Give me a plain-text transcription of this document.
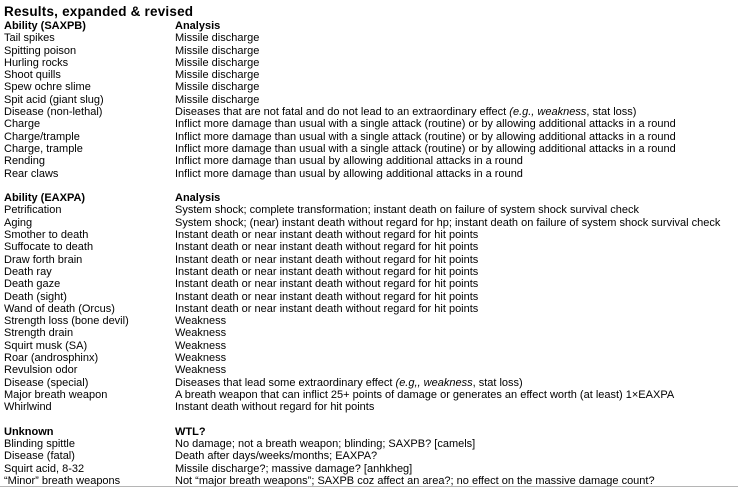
Results, expanded & revised
Ability (SAXPB)	Analysis
Tail spikes	Missile discharge
Spitting poison	Missile discharge
Hurling rocks	Missile discharge
Shoot quills	Missile discharge
Spew ochre slime	Missile discharge
Spit acid (giant slug)	Missile discharge
Disease (non-lethal)	Diseases that are not fatal and do not lead to an extraordinary effect (e.g., weakness, stat loss)
Charge	Inflict more damage than usual with a single attack (routine) or by allowing additional attacks in a round
Charge/trample	Inflict more damage than usual with a single attack (routine) or by allowing additional attacks in a round
Charge, trample	Inflict more damage than usual with a single attack (routine) or by allowing additional attacks in a round
Rending	Inflict more damage than usual by allowing additional attacks in a round
Rear claws	Inflict more damage than usual by allowing additional attacks in a round
Ability (EAXPA)	Analysis
Petrification	System shock; complete transformation; instant death on failure of system shock survival check
Aging	System shock; (near) instant death without regard for hp; instant death on failure of system shock survival check
Smother to death	Instant death or near instant death without regard for hit points
Suffocate to death	Instant death or near instant death without regard for hit points
Draw forth brain	Instant death or near instant death without regard for hit points
Death ray	Instant death or near instant death without regard for hit points
Death gaze	Instant death or near instant death without regard for hit points
Death (sight)	Instant death or near instant death without regard for hit points
Wand of death (Orcus)	Instant death or near instant death without regard for hit points
Strength loss (bone devil)	Weakness
Strength drain	Weakness
Squirt musk (SA)	Weakness
Roar (androsphinx)	Weakness
Revulsion odor	Weakness
Disease (special)	Diseases that lead some extraordinary effect (e.g,, weakness, stat loss)
Major breath weapon	A breath weapon that can inflict 25+ points of damage or generates an effect worth (at least) 1×EAXPA
Whirlwind	Instant death without regard for hit points
Unknown	WTL?
Blinding spittle	No damage; not a breath weapon; blinding; SAXPB? [camels]
Disease (fatal)	Death after days/weeks/months; EAXPA?
Squirt acid, 8-32	Missile discharge?; massive damage? [anhkheg]
“Minor” breath weapons	Not “major breath weapons”; SAXPB coz affect an area?; no effect on the massive damage count?
